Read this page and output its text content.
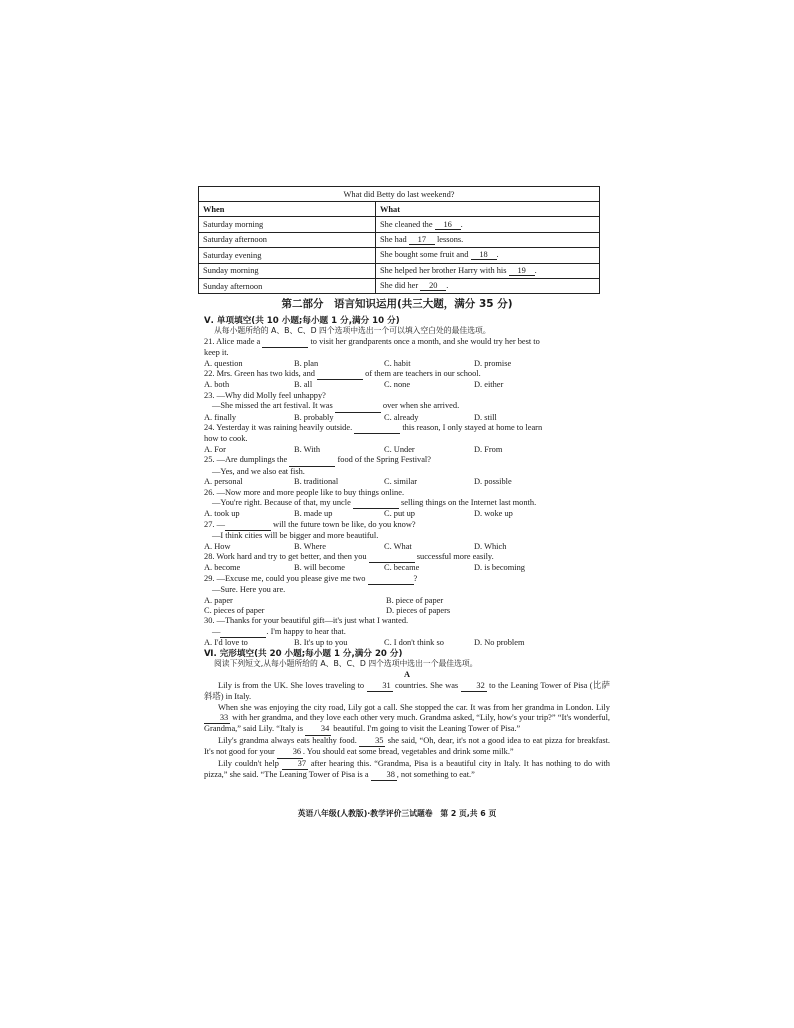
What did Betty do last weekend?	
When	What
Saturday morning	She cleaned the 16 .
Saturday afternoon	She had 17 lessons.
Saturday evening	She bought some fruit and 18 .
Sunday morning	She helped her brother Harry with his 19 .
Sunday afternoon	She did her 20 .
第二部分　语言知识运用(共三大题，满分 35 分)

Ⅴ. 单项填空(共 10 小题;每小题 1 分,满分 10 分)

从每小题所给的 A、B、C、D 四个选项中选出一个可以填入空白处的最佳选项。

21. Alice made a	to visit her grandparents once a month, and she would try her best to

keep it.

A. question	B. plan	C. habit	D. promise

22. Mrs. Green has two kids, and	of them are teachers in our school.

A. both	B. all	C. none	D. either

23. —Why did Molly feel unhappy?

—She missed the art festival. It was	over when she arrived.

A. finally	B. probably	C. already	D. still

24. Yesterday it was raining heavily outside.	this reason, I only stayed at home to learn

how to cook.

A. For	B. With	C. Under	D. From

25. —Are dumplings the	food of the Spring Festival?

—Yes, and we also eat fish.

A. personal	B. traditional	C. similar	D. possible

26. —Now more and more people like to buy things online.

—You're right. Because of that, my uncle	selling things on the Internet last month.

A. took up	B. made up	C. put up	D. woke up

27. —	will the future town be like, do you know?

—I think cities will be bigger and more beautiful.

A. How	B. Where	C. What	D. Which

28. Work hard and try to get better, and then you	successful more easily.

A. become	B. will become	C. became	D. is becoming

29. —Excuse me, could you please give me two	?

—Sure. Here you are.

A. paper	B. piece of paper
C. pieces of paper	D. pieces of papers

30. —Thanks for your beautiful gift—it's just what I wanted.

—	. I'm happy to hear that.

A. I'd love to	B. It's up to you	C. I don't think so	D. No problem

Ⅵ. 完形填空(共 20 小题;每小题 1 分,满分 20 分)

阅读下列短文,从每小题所给的 A、B、C、D 四个选项中选出一个最佳选项。

A

Lily is from the UK. She loves traveling to 31 countries. She was 32 to the Leaning Tower of Pisa (比萨斜塔) in Italy.

When she was enjoying the city road, Lily got a call. She stopped the car. It was from her grandma in London. Lily 33 with her grandma, and they love each other very much. Grandma asked, “Lily, how's your trip?” “It's wonderful, Grandma,” said Lily. “Italy is 34 beautiful. I'm going to visit the Leaning Tower of Pisa.”

Lily's grandma always eats healthy food. 35 she said, “Oh, dear, it's not a good idea to eat pizza for breakfast. It's not good for your 36 . You should eat some bread, vegetables and drink some milk.”

Lily couldn't help 37 after hearing this. “Grandma, Pisa is a beautiful city in Italy. It has nothing to do with pizza,” she said. “The Leaning Tower of Pisa is a 38 , not something to eat.”

英语八年级(人教版)·教学评价三试题卷　第 2 页,共 6 页
